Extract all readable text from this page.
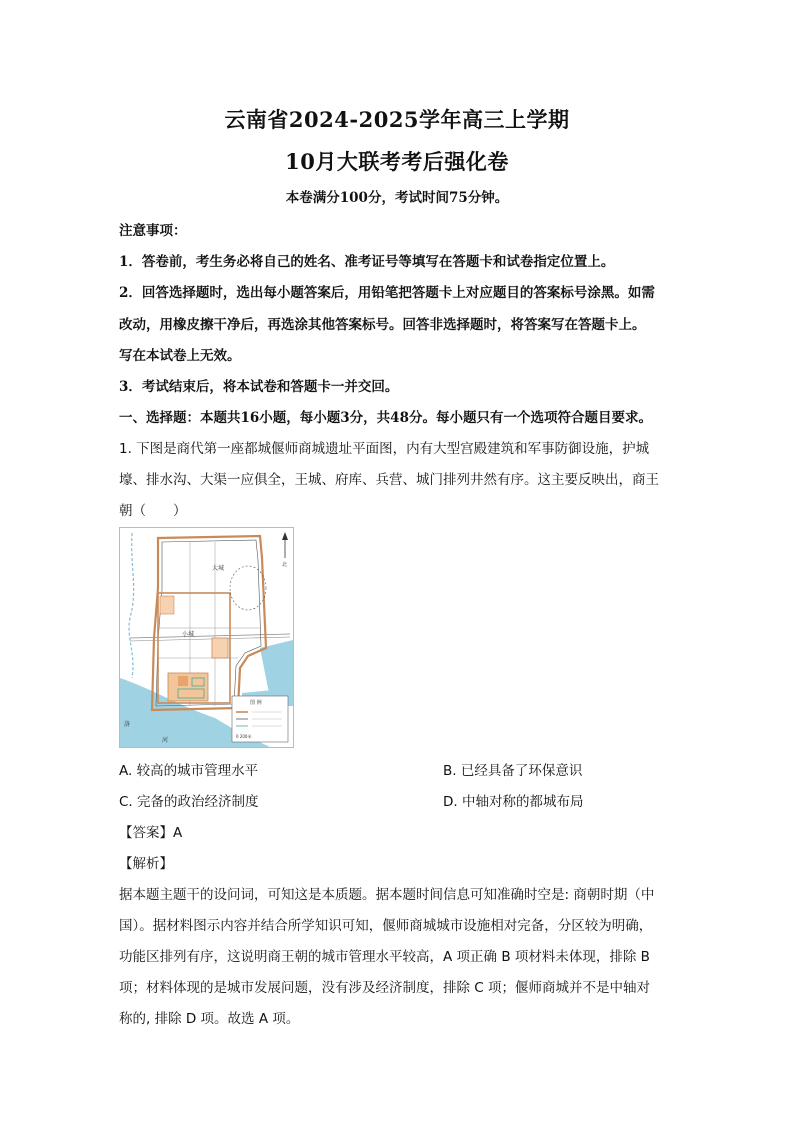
云南省2024-2025学年高三上学期
10月大联考考后强化卷
本卷满分100分，考试时间75分钟。
注意事项：
1．答卷前，考生务必将自己的姓名、准考证号等填写在答题卡和试卷指定位置上。
2．回答选择题时，选出每小题答案后，用铅笔把答题卡上对应题目的答案标号涂黑。如需
改动，用橡皮擦干净后，再选涂其他答案标号。回答非选择题时，将答案写在答题卡上。
写在本试卷上无效。
3．考试结束后，将本试卷和答题卡一并交回。
一、选择题：本题共16小题，每小题3分，共48分。每小题只有一个选项符合题目要求。
1. 下图是商代第一座都城偃师商城遗址平面图，内有大型宫殿建筑和军事防御设施，护城
壕、排水沟、大渠一应俱全，王城、府库、兵营、城门排列井然有序。这主要反映出，商王
朝（　　）
大城
小城
北
图 例
0 200米
洛
河
A. 较高的城市管理水平	B. 已经具备了环保意识
C. 完备的政治经济制度	D. 中轴对称的都城布局
【答案】A
【解析】
据本题主题干的设问词，可知这是本质题。据本题时间信息可知准确时空是: 商朝时期（中
国）。据材料图示内容并结合所学知识可知，偃师商城城市设施相对完备，分区较为明确，
功能区排列有序，这说明商王朝的城市管理水平较高，A 项正确 B 项材料未体现，排除 B
项；材料体现的是城市发展问题，没有涉及经济制度，排除 C 项；偃师商城并不是中轴对
称的, 排除 D 项。故选 A 项。
